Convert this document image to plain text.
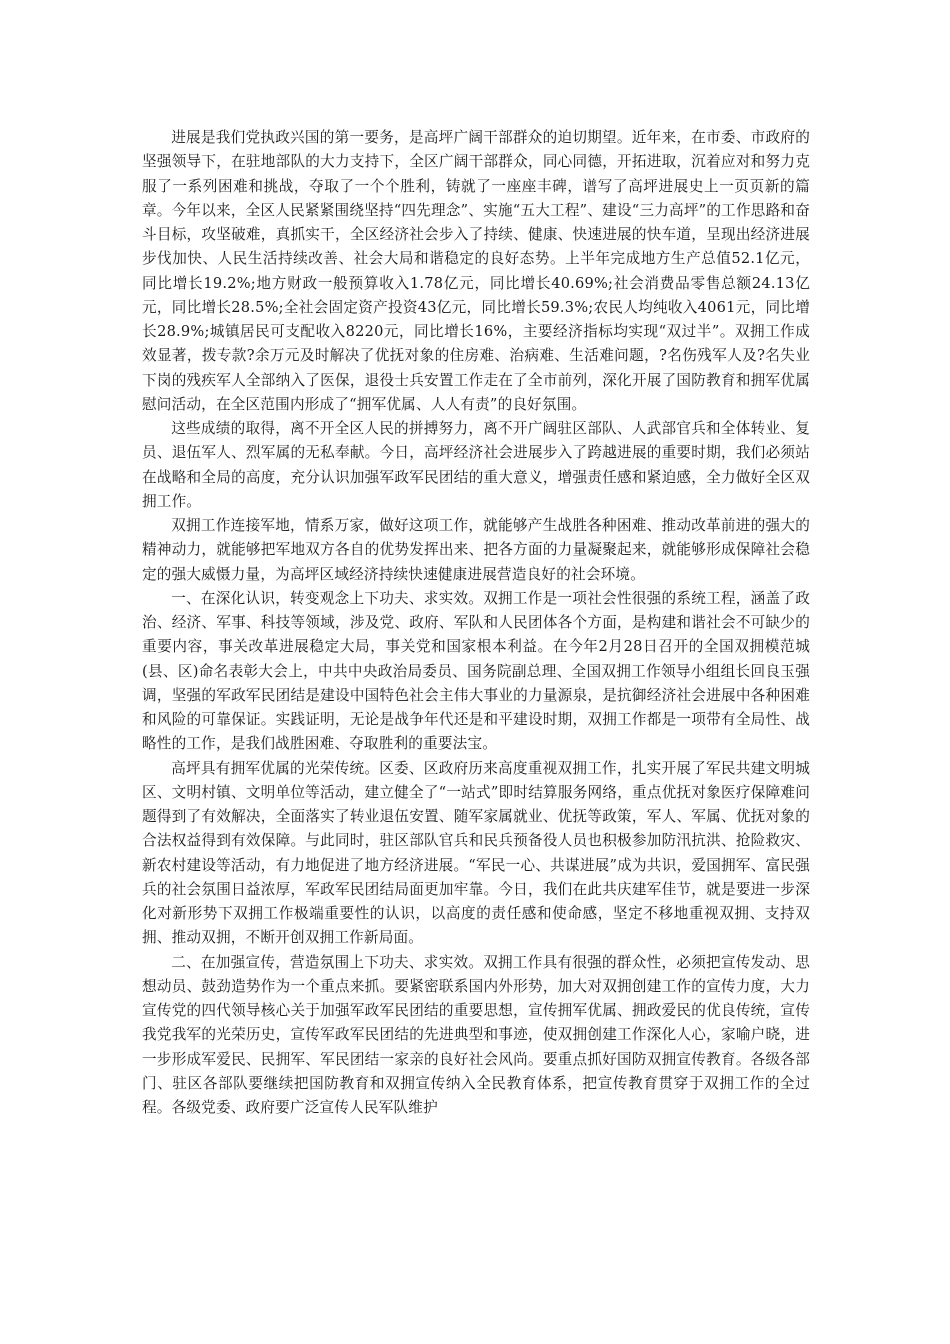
进展是我们党执政兴国的第一要务，是高坪广阔干部群众的迫切期望。近年来，在市委、市政府的坚强领导下，在驻地部队的大力支持下，全区广阔干部群众，同心同德，开拓进取，沉着应对和努力克服了一系列困难和挑战，夺取了一个个胜利，铸就了一座座丰碑，谱写了高坪进展史上一页页新的篇章。今年以来，全区人民紧紧围绕坚持“四先理念”、实施“五大工程”、建设“三力高坪”的工作思路和奋斗目标，攻坚破难，真抓实干，全区经济社会步入了持续、健康、快速进展的快车道，呈现出经济进展步伐加快、人民生活持续改善、社会大局和谐稳定的良好态势。上半年完成地方生产总值52.1亿元，同比增长19.2%;地方财政一般预算收入1.78亿元，同比增长40.69%;社会消费品零售总额24.13亿元，同比增长28.5%;全社会固定资产投资43亿元，同比增长59.3%;农民人均纯收入4061元，同比增长28.9%;城镇居民可支配收入8220元，同比增长16%，主要经济指标均实现“双过半”。双拥工作成效显著，拨专款?余万元及时解决了优抚对象的住房难、治病难、生活难问题，?名伤残军人及?名失业下岗的残疾军人全部纳入了医保，退役士兵安置工作走在了全市前列，深化开展了国防教育和拥军优属慰问活动，在全区范围内形成了“拥军优属、人人有责”的良好氛围。

这些成绩的取得，离不开全区人民的拼搏努力，离不开广阔驻区部队、人武部官兵和全体转业、复员、退伍军人、烈军属的无私奉献。今日，高坪经济社会进展步入了跨越进展的重要时期，我们必须站在战略和全局的高度，充分认识加强军政军民团结的重大意义，增强责任感和紧迫感，全力做好全区双拥工作。

双拥工作连接军地，情系万家，做好这项工作，就能够产生战胜各种困难、推动改革前进的强大的精神动力，就能够把军地双方各自的优势发挥出来、把各方面的力量凝聚起来，就能够形成保障社会稳定的强大威慑力量，为高坪区域经济持续快速健康进展营造良好的社会环境。

一、在深化认识，转变观念上下功夫、求实效。双拥工作是一项社会性很强的系统工程，涵盖了政治、经济、军事、科技等领域，涉及党、政府、军队和人民团体各个方面，是构建和谐社会不可缺少的重要内容，事关改革进展稳定大局，事关党和国家根本利益。在今年2月28日召开的全国双拥模范城(县、区)命名表彰大会上，中共中央政治局委员、国务院副总理、全国双拥工作领导小组组长回良玉强调，坚强的军政军民团结是建设中国特色社会主伟大事业的力量源泉，是抗御经济社会进展中各种困难和风险的可靠保证。实践证明，无论是战争年代还是和平建设时期，双拥工作都是一项带有全局性、战略性的工作，是我们战胜困难、夺取胜利的重要法宝。

高坪具有拥军优属的光荣传统。区委、区政府历来高度重视双拥工作，扎实开展了军民共建文明城区、文明村镇、文明单位等活动，建立健全了“一站式”即时结算服务网络，重点优抚对象医疗保障难问题得到了有效解决，全面落实了转业退伍安置、随军家属就业、优抚等政策，军人、军属、优抚对象的合法权益得到有效保障。与此同时，驻区部队官兵和民兵预备役人员也积极参加防汛抗洪、抢险救灾、新农村建设等活动，有力地促进了地方经济进展。“军民一心、共谋进展”成为共识，爱国拥军、富民强兵的社会氛围日益浓厚，军政军民团结局面更加牢靠。今日，我们在此共庆建军佳节，就是要进一步深化对新形势下双拥工作极端重要性的认识，以高度的责任感和使命感，坚定不移地重视双拥、支持双拥、推动双拥，不断开创双拥工作新局面。

二、在加强宣传，营造氛围上下功夫、求实效。双拥工作具有很强的群众性，必须把宣传发动、思想动员、鼓劲造势作为一个重点来抓。要紧密联系国内外形势，加大对双拥创建工作的宣传力度，大力宣传党的四代领导核心关于加强军政军民团结的重要思想，宣传拥军优属、拥政爱民的优良传统，宣传我党我军的光荣历史，宣传军政军民团结的先进典型和事迹，使双拥创建工作深化人心，家喻户晓，进一步形成军爱民、民拥军、军民团结一家亲的良好社会风尚。要重点抓好国防双拥宣传教育。各级各部门、驻区各部队要继续把国防教育和双拥宣传纳入全民教育体系，把宣传教育贯穿于双拥工作的全过程。各级党委、政府要广泛宣传人民军队维护
